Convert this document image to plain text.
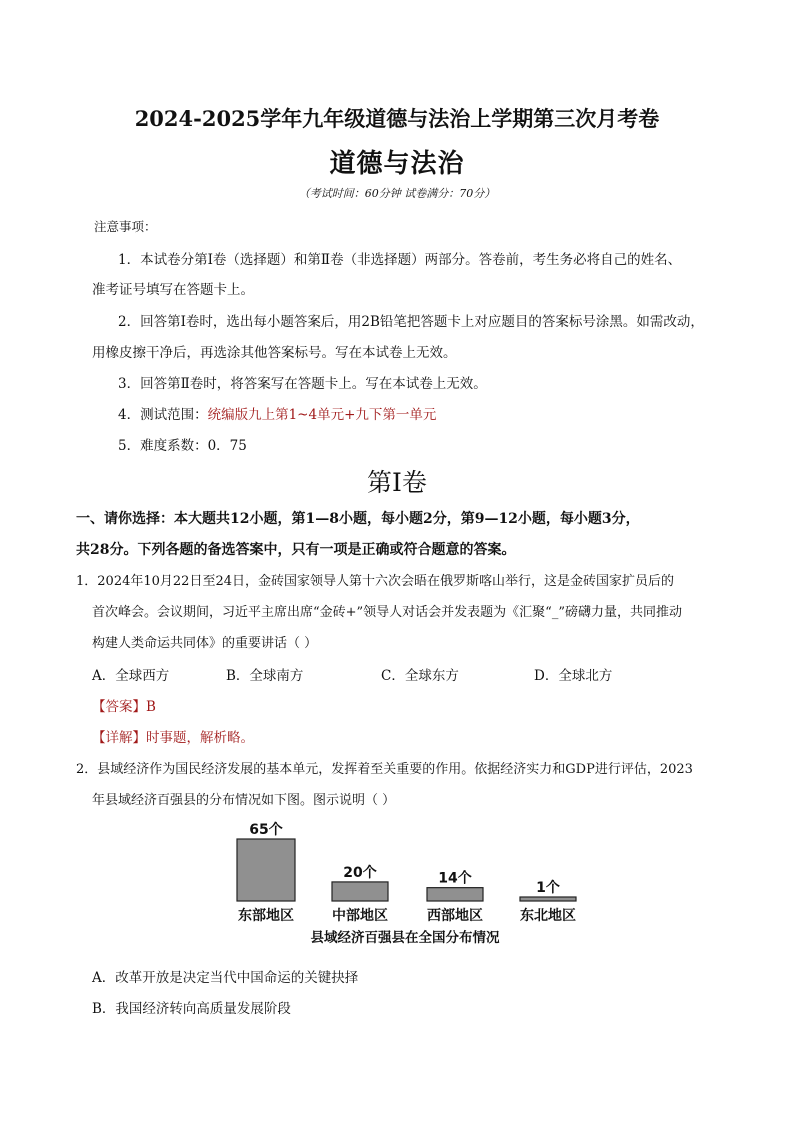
2024-2025学年九年级道德与法治上学期第三次月考卷
道德与法治
（考试时间：60分钟 试卷满分：70分）
注意事项：
1．本试卷分第Ⅰ卷（选择题）和第Ⅱ卷（非选择题）两部分。答卷前，考生务必将自己的姓名、
准考证号填写在答题卡上。
2．回答第Ⅰ卷时，选出每小题答案后，用2B铅笔把答题卡上对应题目的答案标号涂黑。如需改动，
用橡皮擦干净后，再选涂其他答案标号。写在本试卷上无效。
3．回答第Ⅱ卷时，将答案写在答题卡上。写在本试卷上无效。
4．测试范围：统编版九上第1~4单元+九下第一单元
5．难度系数：0．75
第Ⅰ卷
一、请你选择：本大题共12小题，第1—8小题，每小题2分，第9—12小题，每小题3分，
共28分。下列各题的备选答案中，只有一项是正确或符合题意的答案。
1．2024年10月22日至24日，金砖国家领导人第十六次会晤在俄罗斯喀山举行，这是金砖国家扩员后的
首次峰会。会议期间，习近平主席出席“金砖+”领导人对话会并发表题为《汇聚“_”磅礴力量，共同推动
构建人类命运共同体》的重要讲话（ ）
A．全球西方	B．全球南方	C．全球东方	D．全球北方
【答案】B
【详解】时事题，解析略。
2．县域经济作为国民经济发展的基本单元，发挥着至关重要的作用。依据经济实力和GDP进行评估，2023
年县域经济百强县的分布情况如下图。图示说明（ ）
65个
东部地区
20个
中部地区
14个
西部地区
1个
东北地区
县域经济百强县在全国分布情况
A．改革开放是决定当代中国命运的关键抉择
B．我国经济转向高质量发展阶段
